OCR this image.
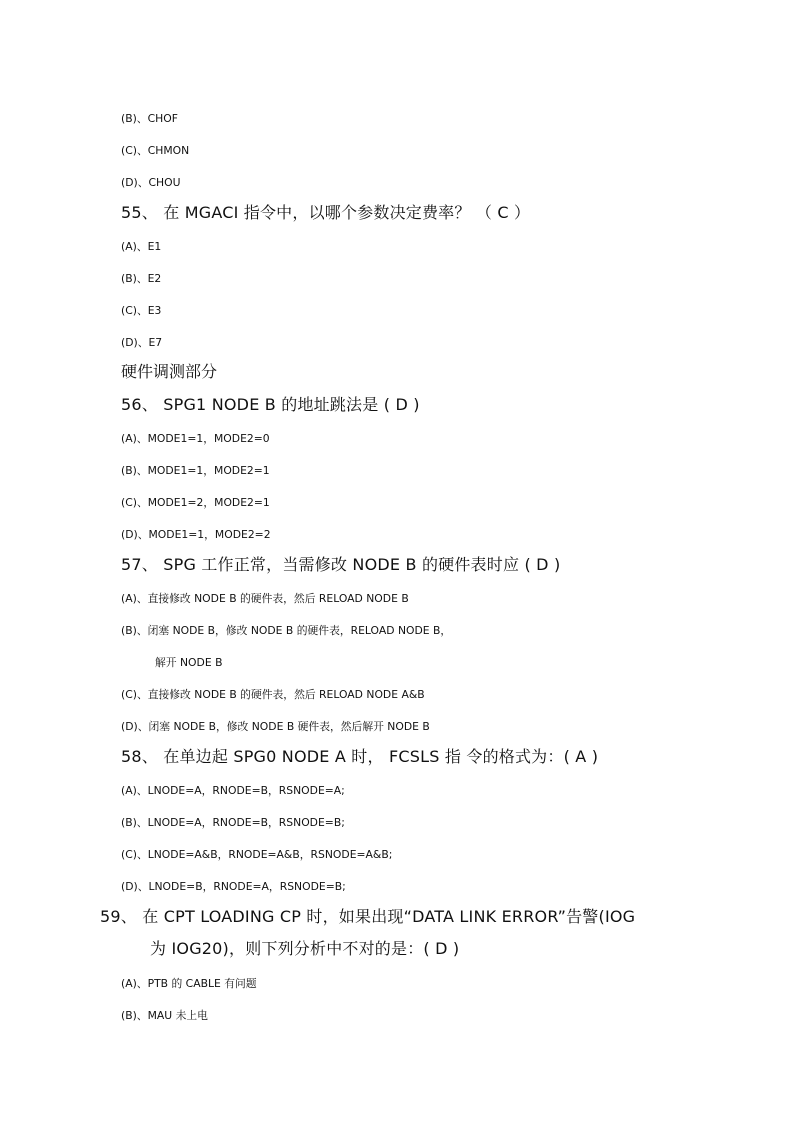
(B)、CHOF
(C)、CHMON
(D)、CHOU
55、 在 MGACI 指令中，以哪个参数决定费率？ （ C ）
(A)、E1
(B)、E2
(C)、E3
(D)、E7
硬件调测部分
56、 SPG1 NODE B 的地址跳法是 ( D )
(A)、MODE1=1，MODE2=0
(B)、MODE1=1，MODE2=1
(C)、MODE1=2，MODE2=1
(D)、MODE1=1，MODE2=2
57、 SPG 工作正常，当需修改 NODE B 的硬件表时应 ( D )
(A)、直接修改 NODE B 的硬件表，然后 RELOAD NODE B
(B)、闭塞 NODE B，修改 NODE B 的硬件表，RELOAD NODE B，
解开 NODE B
(C)、直接修改 NODE B 的硬件表，然后 RELOAD NODE A&B
(D)、闭塞 NODE B，修改 NODE B 硬件表，然后解开 NODE B
58、 在单边起 SPG0 NODE A 时， FCSLS 指 令的格式为：( A )
(A)、LNODE=A，RNODE=B，RSNODE=A;
(B)、LNODE=A，RNODE=B，RSNODE=B;
(C)、LNODE=A&B，RNODE=A&B，RSNODE=A&B;
(D)、LNODE=B，RNODE=A，RSNODE=B;
59、 在 CPT LOADING CP 时，如果出现“DATA LINK ERROR”告警(IOG
为 IOG20)，则下列分析中不对的是：( D )
(A)、PTB 的 CABLE 有问题
(B)、MAU 未上电
